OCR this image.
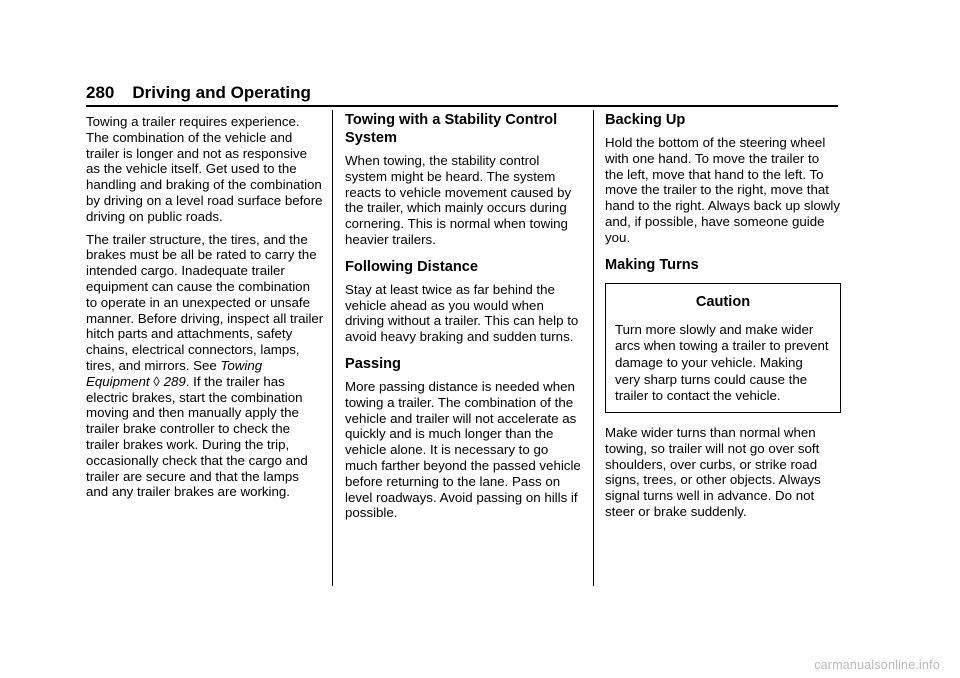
280 Driving and Operating

Towing a trailer requires experience. The combination of the vehicle and trailer is longer and not as responsive as the vehicle itself. Get used to the handling and braking of the combination by driving on a level road surface before driving on public roads.

The trailer structure, the tires, and the brakes must be all be rated to carry the intended cargo. Inadequate trailer equipment can cause the combination to operate in an unexpected or unsafe manner. Before driving, inspect all trailer hitch parts and attachments, safety chains, electrical connectors, lamps, tires, and mirrors. See Towing Equipment ◊ 289. If the trailer has electric brakes, start the combination moving and then manually apply the trailer brake controller to check the trailer brakes work. During the trip, occasionally check that the cargo and trailer are secure and that the lamps and any trailer brakes are working.

Towing with a Stability Control System

When towing, the stability control system might be heard. The system reacts to vehicle movement caused by the trailer, which mainly occurs during cornering. This is normal when towing heavier trailers.

Following Distance

Stay at least twice as far behind the vehicle ahead as you would when driving without a trailer. This can help to avoid heavy braking and sudden turns.

Passing

More passing distance is needed when towing a trailer. The combination of the vehicle and trailer will not accelerate as quickly and is much longer than the vehicle alone. It is necessary to go much farther beyond the passed vehicle before returning to the lane. Pass on level roadways. Avoid passing on hills if possible.

Backing Up

Hold the bottom of the steering wheel with one hand. To move the trailer to the left, move that hand to the left. To move the trailer to the right, move that hand to the right. Always back up slowly and, if possible, have someone guide you.

Making Turns
Caution

Turn more slowly and make wider arcs when towing a trailer to prevent damage to your vehicle. Making very sharp turns could cause the trailer to contact the vehicle.

Make wider turns than normal when towing, so trailer will not go over soft shoulders, over curbs, or strike road signs, trees, or other objects. Always signal turns well in advance. Do not steer or brake suddenly.

carmanualsonline.info
